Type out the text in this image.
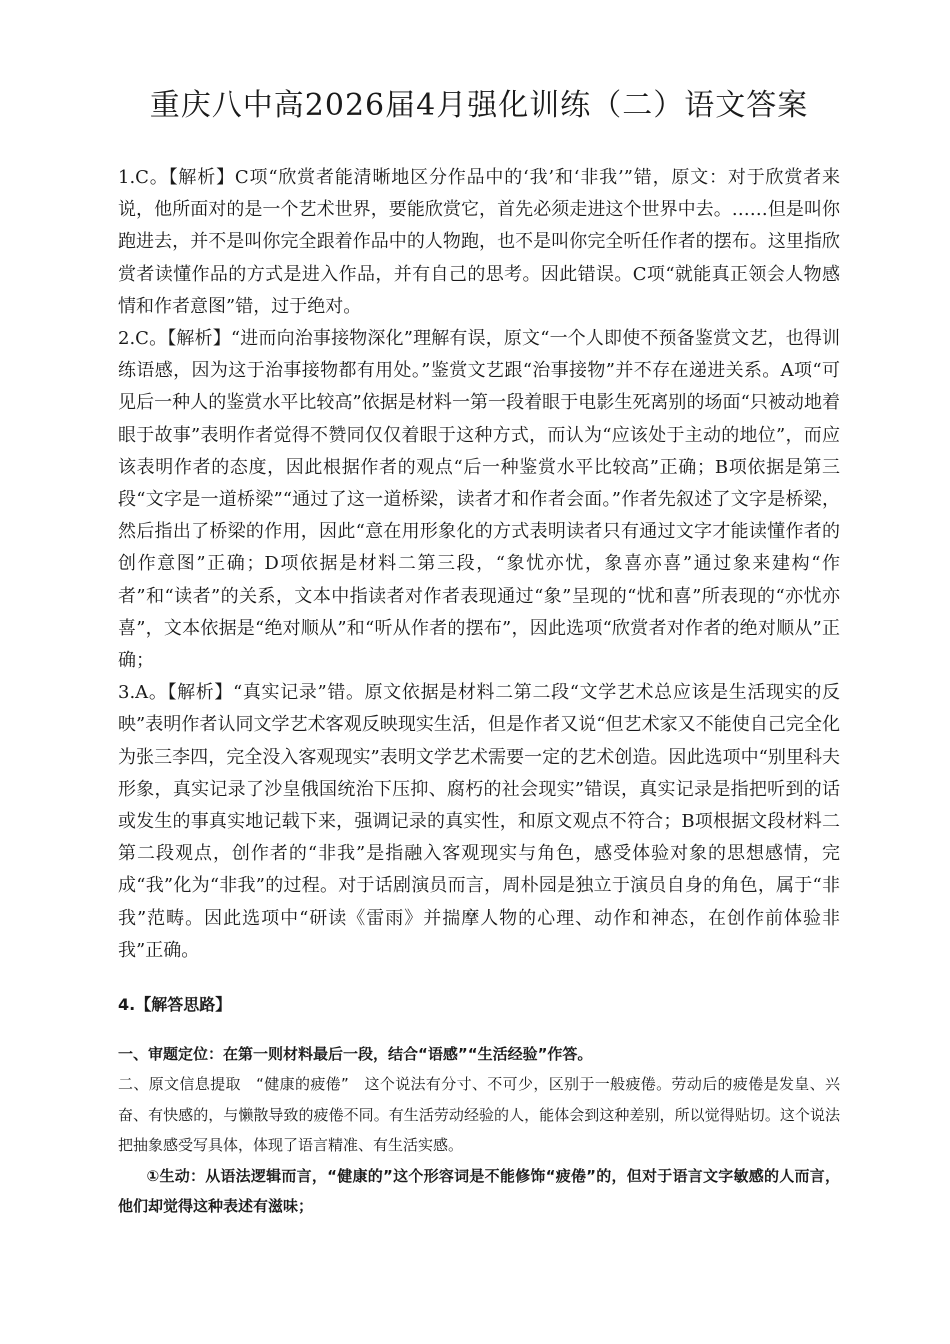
重庆八中高2026届4月强化训练（二）语文答案

1.C。【解析】C项“欣赏者能清晰地区分作品中的‘我’和‘非我’”错，原文：对于欣赏者来说，他所面对的是一个艺术世界，要能欣赏它，首先必须走进这个世界中去。……但是叫你跑进去，并不是叫你完全跟着作品中的人物跑，也不是叫你完全听任作者的摆布。这里指欣赏者读懂作品的方式是进入作品，并有自己的思考。因此错误。C项“就能真正领会人物感情和作者意图”错，过于绝对。

2.C。【解析】“进而向治事接物深化”理解有误，原文“一个人即使不预备鉴赏文艺，也得训练语感，因为这于治事接物都有用处。”鉴赏文艺跟“治事接物”并不存在递进关系。A项“可见后一种人的鉴赏水平比较高”依据是材料一第一段着眼于电影生死离别的场面“只被动地着眼于故事”表明作者觉得不赞同仅仅着眼于这种方式，而认为“应该处于主动的地位”，而应该表明作者的态度，因此根据作者的观点“后一种鉴赏水平比较高”正确；B项依据是第三段“文字是一道桥梁”“通过了这一道桥梁，读者才和作者会面。”作者先叙述了文字是桥梁，然后指出了桥梁的作用，因此“意在用形象化的方式表明读者只有通过文字才能读懂作者的创作意图”正确；D项依据是材料二第三段，“象忧亦忧，象喜亦喜”通过象来建构“作者”和“读者”的关系，文本中指读者对作者表现通过“象”呈现的“忧和喜”所表现的“亦忧亦喜”，文本依据是“绝对顺从”和“听从作者的摆布”，因此选项“欣赏者对作者的绝对顺从”正确；

3.A。【解析】“真实记录”错。原文依据是材料二第二段“文学艺术总应该是生活现实的反映”表明作者认同文学艺术客观反映现实生活，但是作者又说“但艺术家又不能使自己完全化为张三李四，完全没入客观现实”表明文学艺术需要一定的艺术创造。因此选项中“别里科夫形象，真实记录了沙皇俄国统治下压抑、腐朽的社会现实”错误，真实记录是指把听到的话或发生的事真实地记载下来，强调记录的真实性，和原文观点不符合；B项根据文段材料二第二段观点，创作者的“非我”是指融入客观现实与角色，感受体验对象的思想感情，完成“我”化为“非我”的过程。对于话剧演员而言，周朴园是独立于演员自身的角色，属于“非我”范畴。因此选项中“研读《雷雨》并揣摩人物的心理、动作和神态，在创作前体验非我”正确。

4.【解答思路】

一、审题定位：在第一则材料最后一段，结合“语感”“生活经验”作答。

二、原文信息提取　“健康的疲倦”　这个说法有分寸、不可少，区别于一般疲倦。劳动后的疲倦是发皇、兴奋、有快感的，与懒散导致的疲倦不同。有生活劳动经验的人，能体会到这种差别，所以觉得贴切。这个说法把抽象感受写具体，体现了语言精准、有生活实感。

①生动：从语法逻辑而言，“健康的”这个形容词是不能修饰“疲倦”的，但对于语言文字敏感的人而言，他们却觉得这种表述有滋味；
